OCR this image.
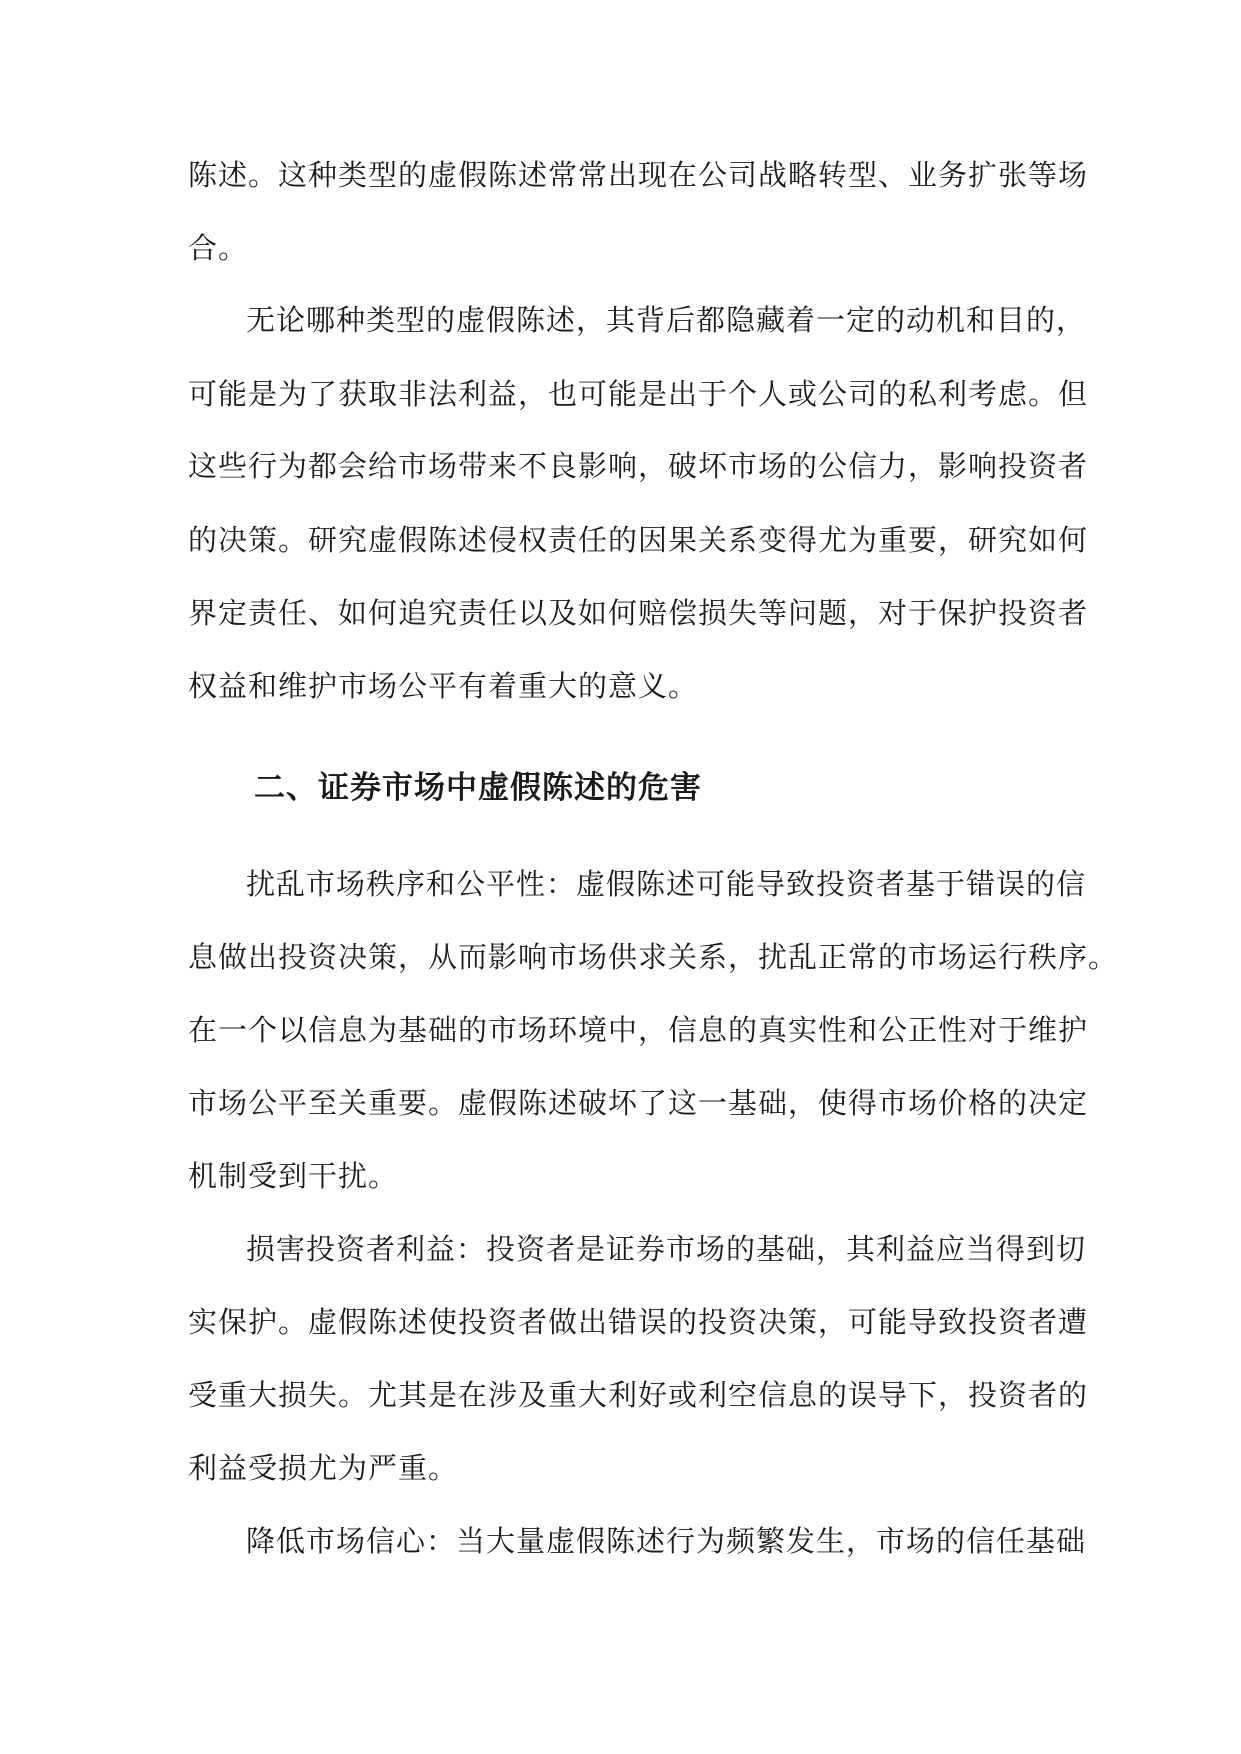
陈述。这种类型的虚假陈述常常出现在公司战略转型、业务扩张等场
合。
无论哪种类型的虚假陈述，其背后都隐藏着一定的动机和目的，
可能是为了获取非法利益，也可能是出于个人或公司的私利考虑。但
这些行为都会给市场带来不良影响，破坏市场的公信力，影响投资者
的决策。研究虚假陈述侵权责任的因果关系变得尤为重要，研究如何
界定责任、如何追究责任以及如何赔偿损失等问题，对于保护投资者
权益和维护市场公平有着重大的意义。
二、证券市场中虚假陈述的危害
扰乱市场秩序和公平性：虚假陈述可能导致投资者基于错误的信
息做出投资决策，从而影响市场供求关系，扰乱正常的市场运行秩序。
在一个以信息为基础的市场环境中，信息的真实性和公正性对于维护
市场公平至关重要。虚假陈述破坏了这一基础，使得市场价格的决定
机制受到干扰。
损害投资者利益：投资者是证券市场的基础，其利益应当得到切
实保护。虚假陈述使投资者做出错误的投资决策，可能导致投资者遭
受重大损失。尤其是在涉及重大利好或利空信息的误导下，投资者的
利益受损尤为严重。
降低市场信心：当大量虚假陈述行为频繁发生，市场的信任基础
